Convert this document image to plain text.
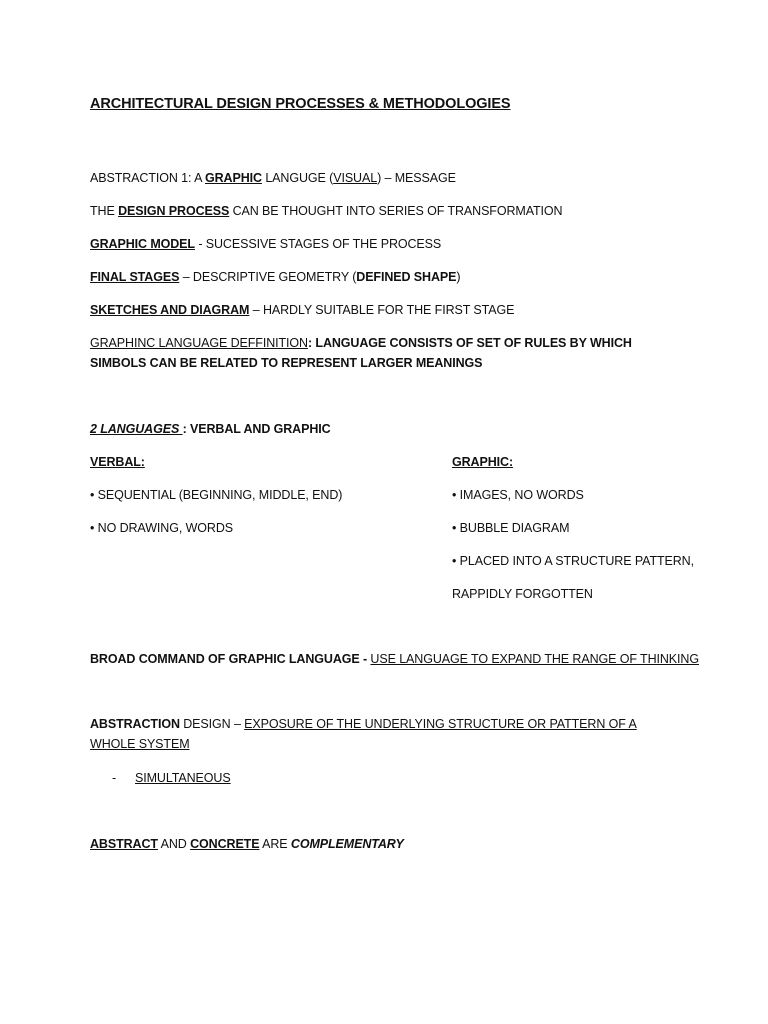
ARCHITECTURAL DESIGN PROCESSES & METHODOLOGIES
ABSTRACTION 1: A GRAPHIC LANGUGE (VISUAL) – MESSAGE
THE DESIGN PROCESS CAN BE THOUGHT INTO SERIES OF TRANSFORMATION
GRAPHIC MODEL - SUCESSIVE STAGES OF THE PROCESS
FINAL STAGES – DESCRIPTIVE GEOMETRY (DEFINED SHAPE)
SKETCHES AND DIAGRAM – HARDLY SUITABLE FOR THE FIRST STAGE
GRAPHINC LANGUAGE DEFFINITION: LANGUAGE CONSISTS OF SET OF RULES BY WHICH SIMBOLS CAN BE RELATED TO REPRESENT LARGER MEANINGS
2 LANGUAGES : VERBAL AND GRAPHIC
VERBAL:
• SEQUENTIAL (BEGINNING, MIDDLE, END)
• NO DRAWING, WORDS
GRAPHIC:
• IMAGES, NO WORDS
• BUBBLE DIAGRAM
• PLACED INTO A STRUCTURE PATTERN,
RAPPIDLY FORGOTTEN
BROAD COMMAND OF GRAPHIC LANGUAGE - USE LANGUAGE TO EXPAND THE RANGE OF THINKING
ABSTRACTION DESIGN – EXPOSURE OF THE UNDERLYING STRUCTURE OR PATTERN OF A WHOLE SYSTEM
- SIMULTANEOUS
ABSTRACT AND CONCRETE ARE COMPLEMENTARY
